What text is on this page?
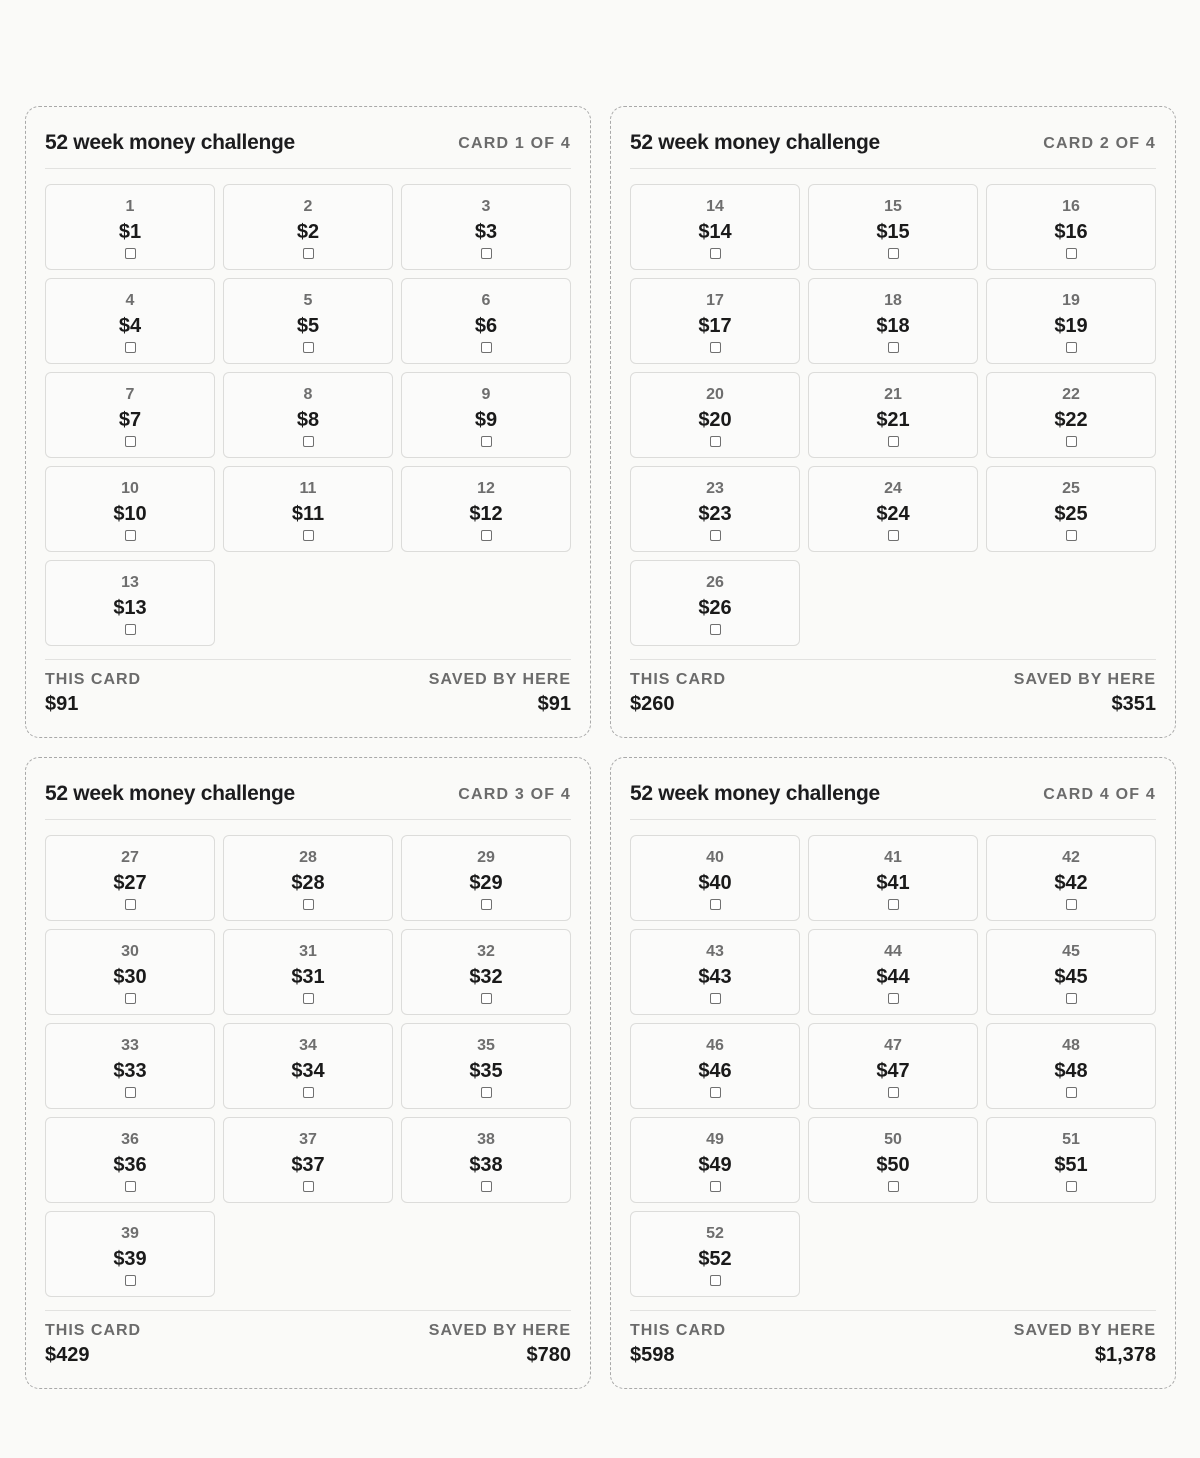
52 week money challenge	CARD 1 OF 4
1
$1
2
$2
3
$3
4
$4
5
$5
6
$6
7
$7
8
$8
9
$9
10
$10
11
$11
12
$12
13
$13
THIS CARD
$91
SAVED BY HERE
$91
52 week money challenge	CARD 2 OF 4
14
$14
15
$15
16
$16
17
$17
18
$18
19
$19
20
$20
21
$21
22
$22
23
$23
24
$24
25
$25
26
$26
THIS CARD
$260
SAVED BY HERE
$351
52 week money challenge	CARD 3 OF 4
27
$27
28
$28
29
$29
30
$30
31
$31
32
$32
33
$33
34
$34
35
$35
36
$36
37
$37
38
$38
39
$39
THIS CARD
$429
SAVED BY HERE
$780
52 week money challenge	CARD 4 OF 4
40
$40
41
$41
42
$42
43
$43
44
$44
45
$45
46
$46
47
$47
48
$48
49
$49
50
$50
51
$51
52
$52
THIS CARD
$598
SAVED BY HERE
$1,378
